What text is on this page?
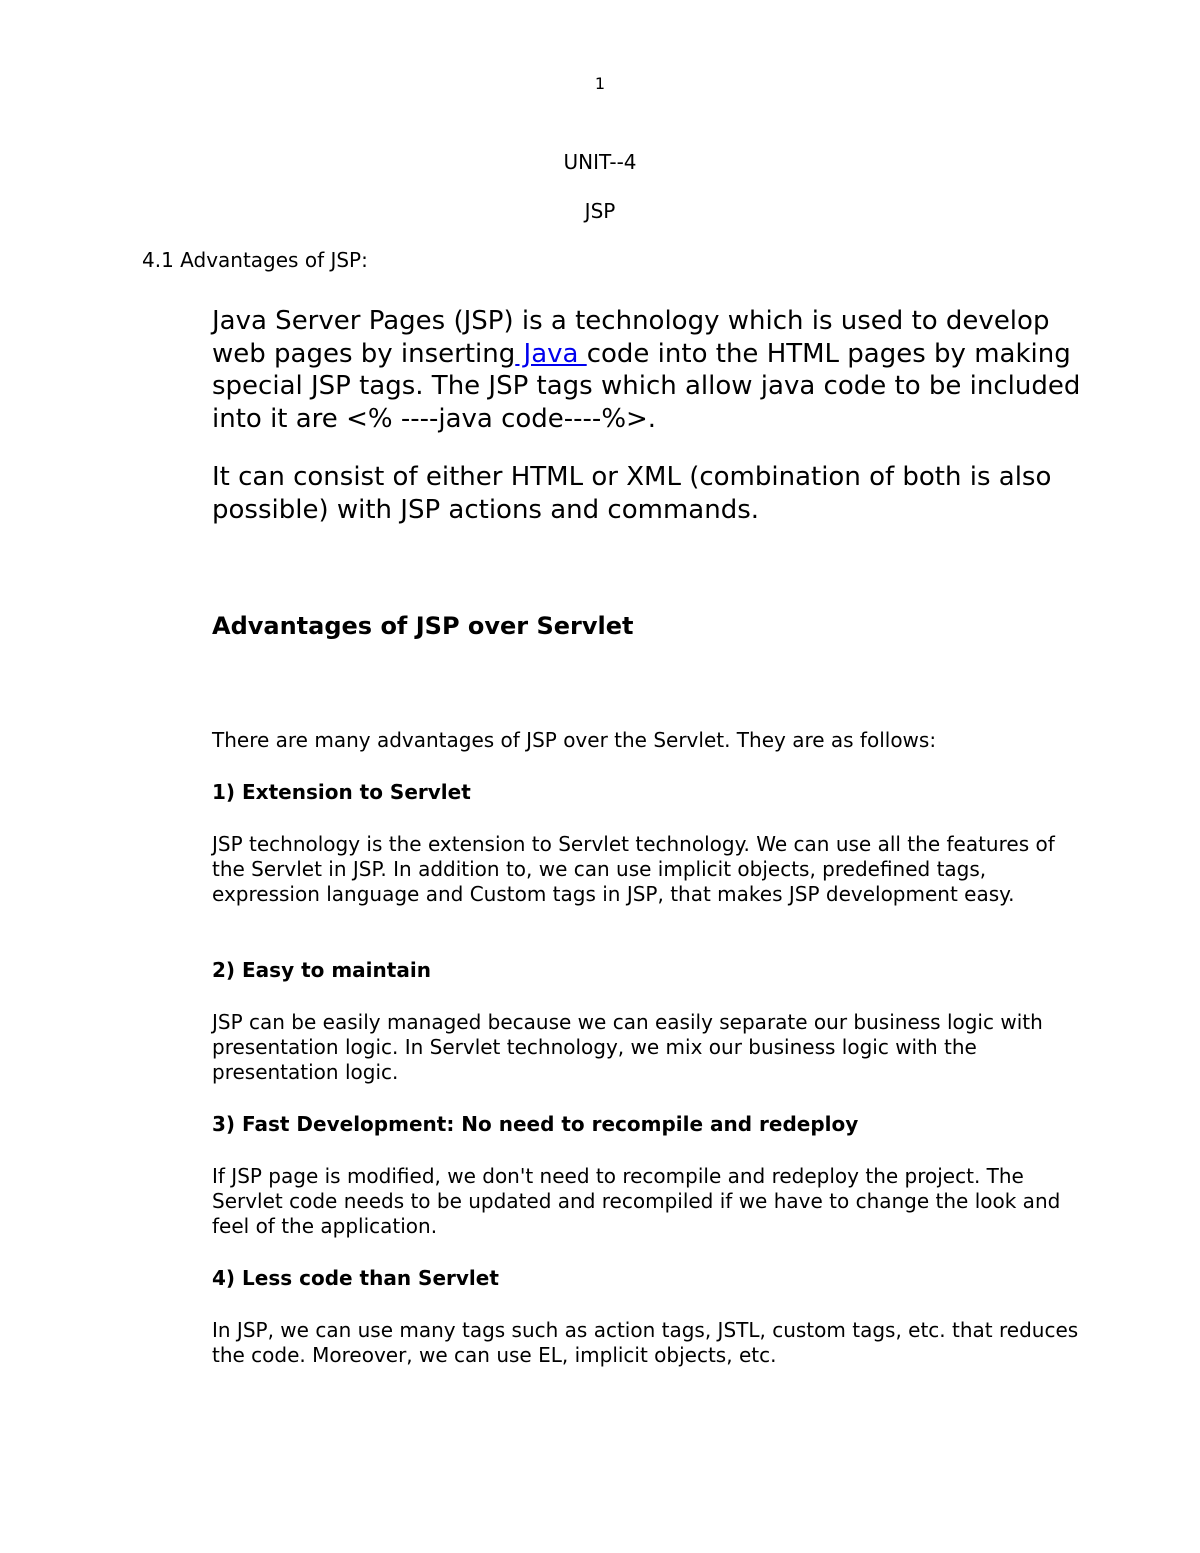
1
UNIT--4
JSP
4.1 Advantages of JSP:

Java Server Pages (JSP) is a technology which is used to develop web pages by inserting Java code into the HTML pages by making special JSP tags. The JSP tags which allow java code to be included into it are <% ----java code----%>.

It can consist of either HTML or XML (combination of both is also possible) with JSP actions and commands.

Advantages of JSP over Servlet

There are many advantages of JSP over the Servlet. They are as follows:

1) Extension to Servlet

JSP technology is the extension to Servlet technology. We can use all the features of the Servlet in JSP. In addition to, we can use implicit objects, predefined tags, expression language and Custom tags in JSP, that makes JSP development easy.

2) Easy to maintain

JSP can be easily managed because we can easily separate our business logic with presentation logic. In Servlet technology, we mix our business logic with the presentation logic.

3) Fast Development: No need to recompile and redeploy

If JSP page is modified, we don't need to recompile and redeploy the project. The Servlet code needs to be updated and recompiled if we have to change the look and feel of the application.

4) Less code than Servlet

In JSP, we can use many tags such as action tags, JSTL, custom tags, etc. that reduces the code. Moreover, we can use EL, implicit objects, etc.
